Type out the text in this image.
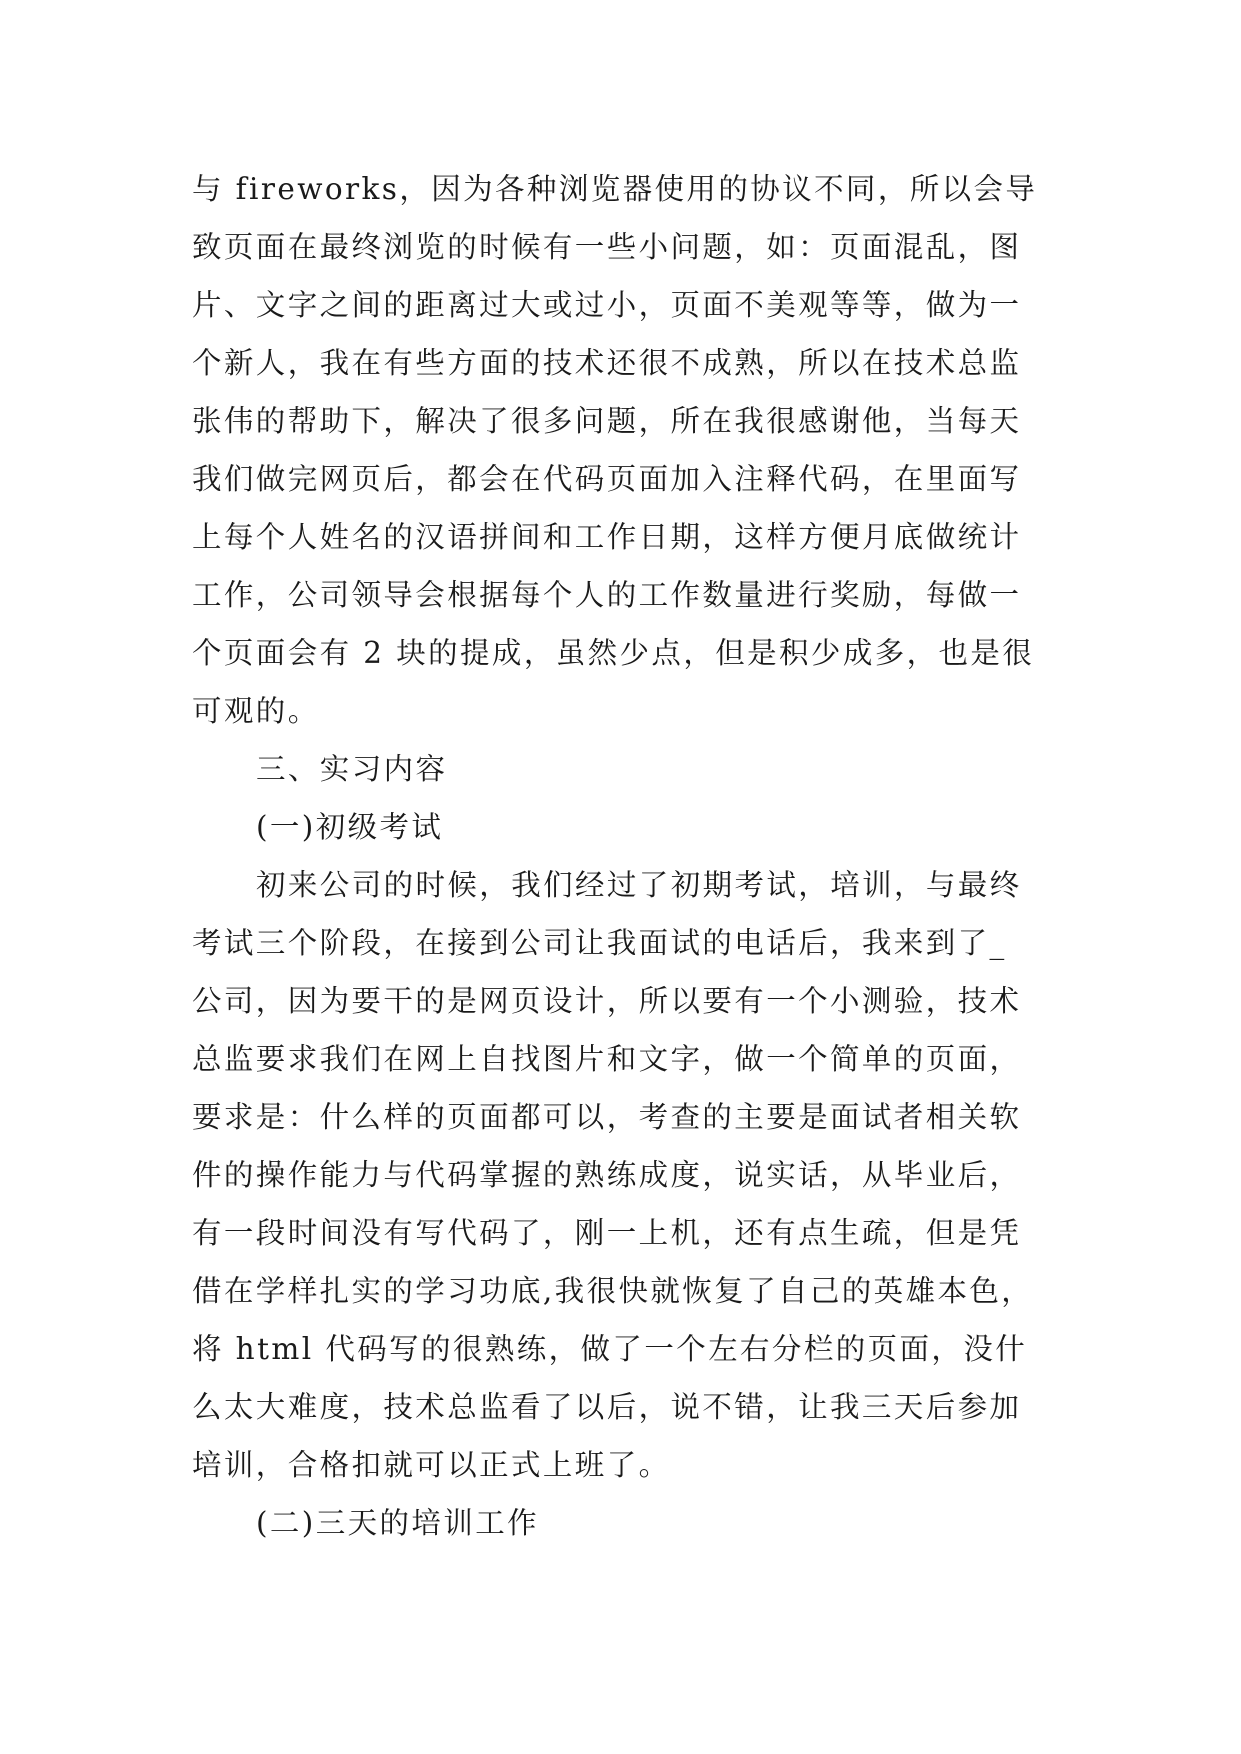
与 fireworks，因为各种浏览器使用的协议不同，所以会导
致页面在最终浏览的时候有一些小问题，如：页面混乱，图
片、文字之间的距离过大或过小，页面不美观等等，做为一
个新人，我在有些方面的技术还很不成熟，所以在技术总监
张伟的帮助下，解决了很多问题，所在我很感谢他，当每天
我们做完网页后，都会在代码页面加入注释代码，在里面写
上每个人姓名的汉语拼间和工作日期，这样方便月底做统计
工作，公司领导会根据每个人的工作数量进行奖励，每做一
个页面会有 2 块的提成，虽然少点，但是积少成多，也是很
可观的。
三、实习内容
(一)初级考试
初来公司的时候，我们经过了初期考试，培训，与最终
考试三个阶段，在接到公司让我面试的电话后，我来到了_
公司，因为要干的是网页设计，所以要有一个小测验，技术
总监要求我们在网上自找图片和文字，做一个简单的页面，
要求是：什么样的页面都可以，考查的主要是面试者相关软
件的操作能力与代码掌握的熟练成度，说实话，从毕业后，
有一段时间没有写代码了，刚一上机，还有点生疏，但是凭
借在学样扎实的学习功底,我很快就恢复了自己的英雄本色，
将 html 代码写的很熟练，做了一个左右分栏的页面，没什
么太大难度，技术总监看了以后，说不错，让我三天后参加
培训，合格扣就可以正式上班了。
(二)三天的培训工作
